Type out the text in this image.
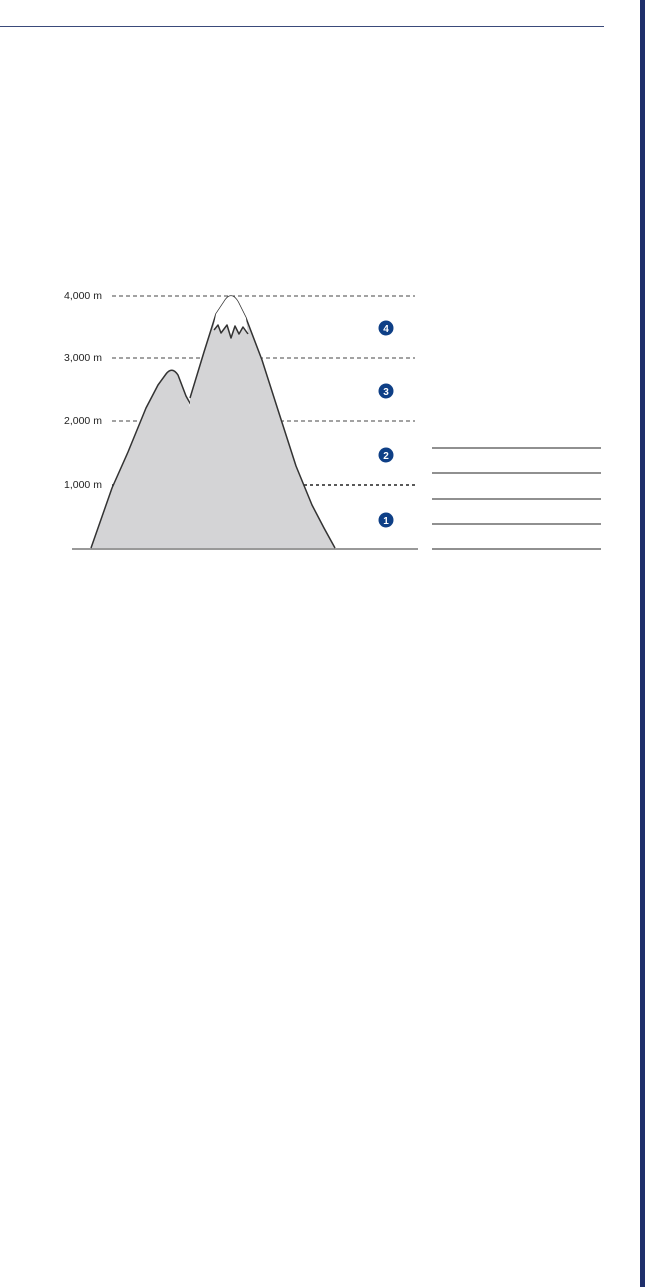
4,000 m
3,000 m
2,000 m
1,000 m
4
3
2
1
